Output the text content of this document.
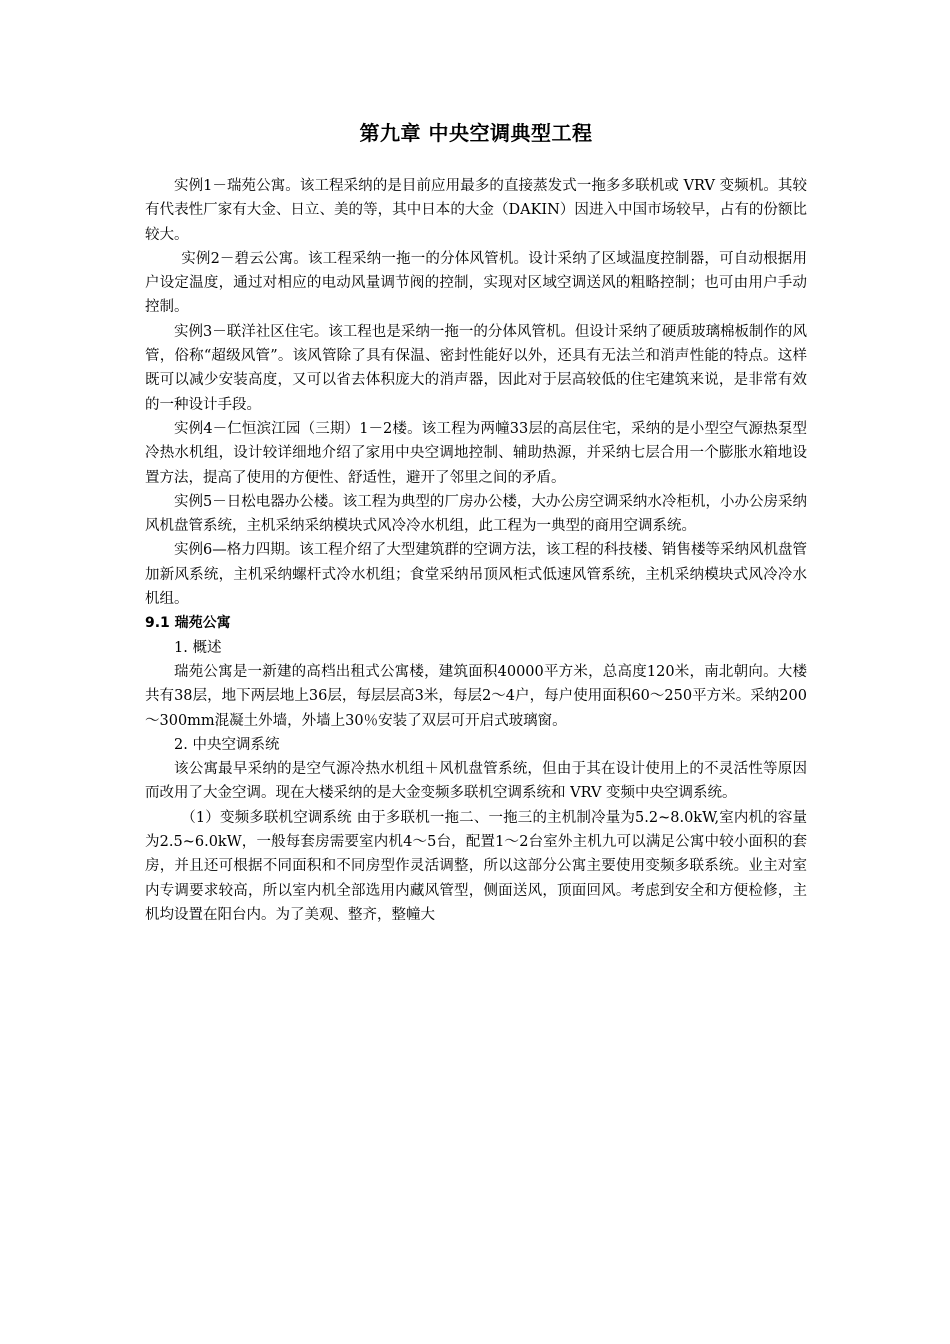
第九章 中央空调典型工程

实例1－瑞苑公寓。该工程采纳的是目前应用最多的直接蒸发式一拖多多联机或 VRV 变频机。其较有代表性厂家有大金、日立、美的等，其中日本的大金（DAKIN）因进入中国市场较早，占有的份额比较大。

实例2－碧云公寓。该工程采纳一拖一的分体风管机。设计采纳了区域温度控制器，可自动根据用户设定温度，通过对相应的电动风量调节阀的控制，实现对区域空调送风的粗略控制；也可由用户手动控制。

实例3－联洋社区住宅。该工程也是采纳一拖一的分体风管机。但设计采纳了硬质玻璃棉板制作的风管，俗称“超级风管”。该风管除了具有保温、密封性能好以外，还具有无法兰和消声性能的特点。这样既可以减少安装高度，又可以省去体积庞大的消声器，因此对于层高较低的住宅建筑来说，是非常有效的一种设计手段。

实例4－仁恒滨江园（三期）1－2楼。该工程为两幢33层的高层住宅，采纳的是小型空气源热泵型冷热水机组，设计较详细地介绍了家用中央空调地控制、辅助热源，并采纳七层合用一个膨胀水箱地设置方法，提高了使用的方便性、舒适性，避开了邻里之间的矛盾。

实例5－日松电器办公楼。该工程为典型的厂房办公楼，大办公房空调采纳水冷柜机，小办公房采纳风机盘管系统，主机采纳采纳模块式风冷冷水机组，此工程为一典型的商用空调系统。

实例6—格力四期。该工程介绍了大型建筑群的空调方法，该工程的科技楼、销售楼等采纳风机盘管加新风系统，主机采纳螺杆式冷水机组；食堂采纳吊顶风柜式低速风管系统，主机采纳模块式风冷冷水机组。

9.1 瑞苑公寓

1. 概述

瑞苑公寓是一新建的高档出租式公寓楼，建筑面积40000平方米，总高度120米，南北朝向。大楼共有38层，地下两层地上36层，每层层高3米，每层2～4户，每户使用面积60～250平方米。采纳200～300mm混凝土外墙，外墙上30％安装了双层可开启式玻璃窗。

2. 中央空调系统

该公寓最早采纳的是空气源冷热水机组＋风机盘管系统，但由于其在设计使用上的不灵活性等原因而改用了大金空调。现在大楼采纳的是大金变频多联机空调系统和 VRV 变频中央空调系统。

（1）变频多联机空调系统 由于多联机一拖二、一拖三的主机制冷量为5.2~8.0kW,室内机的容量为2.5~6.0kW，一般每套房需要室内机4～5台，配置1～2台室外主机九可以满足公寓中较小面积的套房，并且还可根据不同面积和不同房型作灵活调整，所以这部分公寓主要使用变频多联系统。业主对室内专调要求较高，所以室内机全部选用内藏风管型，侧面送风，顶面回风。考虑到安全和方便检修，主机均设置在阳台内。为了美观、整齐，整幢大
